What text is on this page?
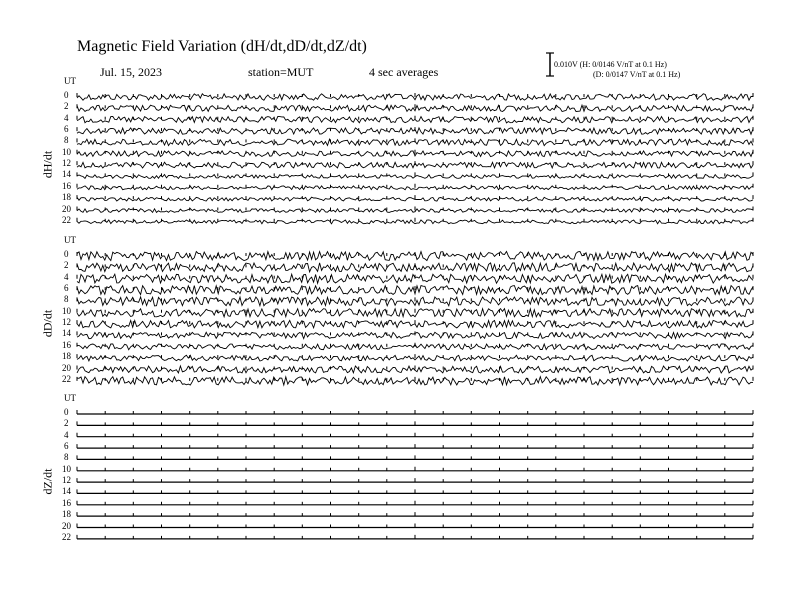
Magnetic Field Variation (dH/dt,dD/dt,dZ/dt)
Jul. 15, 2023	station=MUT	4 sec averages
0.010V (H: 0/0146 V/nT at 0.1 Hz)
(D: 0/0147 V/nT at 0.1 Hz)
UT
dH/dt
0
2
4
6
8
10
12
14
16
18
20
22
UT
dD/dt
0
2
4
6
8
10
12
14
16
18
20
22
UT
dZ/dt
0
2
4
6
8
10
12
14
16
18
20
22
